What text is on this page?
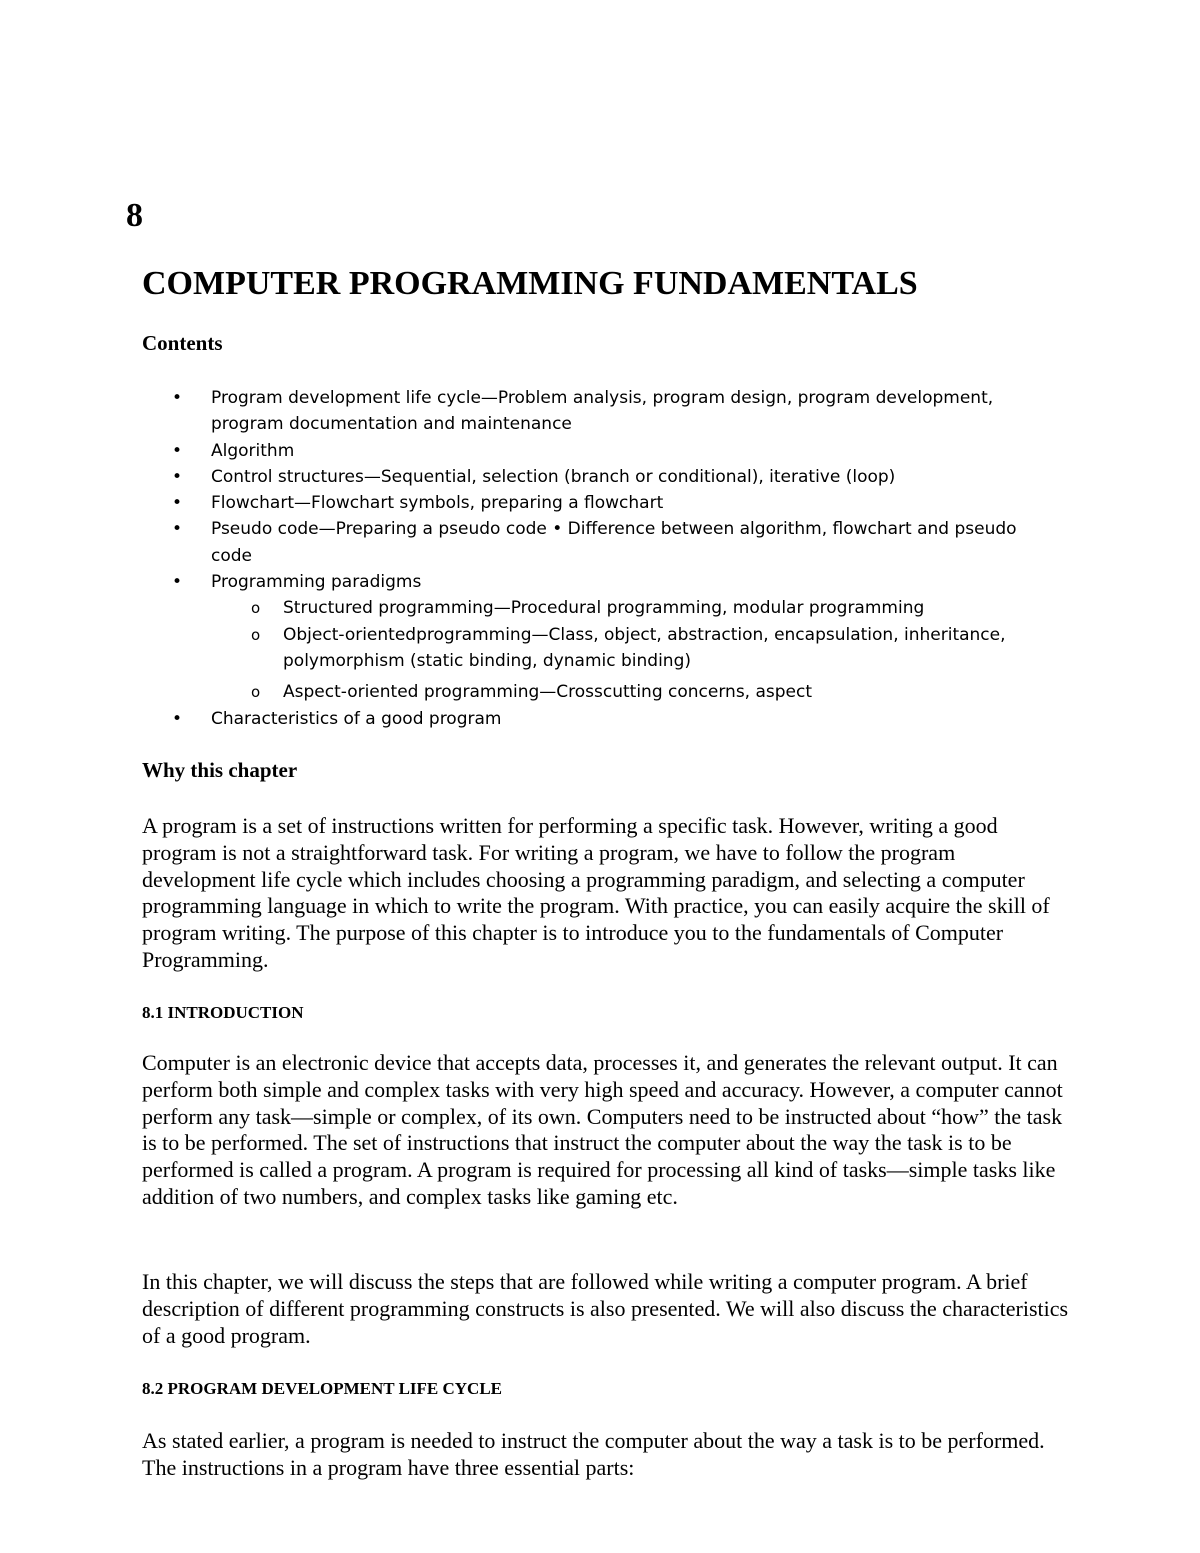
8
COMPUTER PROGRAMMING FUNDAMENTALS
Contents
• Program development life cycle—Problem analysis, program design, program development, program documentation and maintenance
• Algorithm
• Control structures—Sequential, selection (branch or conditional), iterative (loop)
• Flowchart—Flowchart symbols, preparing a flowchart
• Pseudo code—Preparing a pseudo code • Difference between algorithm, flowchart and pseudo code
• Programming paradigms
o Structured programming—Procedural programming, modular programming
o Object-orientedprogramming—Class, object, abstraction, encapsulation, inheritance, polymorphism (static binding, dynamic binding)
o Aspect-oriented programming—Crosscutting concerns, aspect
• Characteristics of a good program
Why this chapter
A program is a set of instructions written for performing a specific task. However, writing a good program is not a straightforward task. For writing a program, we have to follow the program development life cycle which includes choosing a programming paradigm, and selecting a computer programming language in which to write the program. With practice, you can easily acquire the skill of program writing. The purpose of this chapter is to introduce you to the fundamentals of Computer Programming.
8.1 INTRODUCTION
Computer is an electronic device that accepts data, processes it, and generates the relevant output. It can perform both simple and complex tasks with very high speed and accuracy. However, a computer cannot perform any task—simple or complex, of its own. Computers need to be instructed about “how” the task is to be performed. The set of instructions that instruct the computer about the way the task is to be performed is called a program. A program is required for processing all kind of tasks—simple tasks like addition of two numbers, and complex tasks like gaming etc.
In this chapter, we will discuss the steps that are followed while writing a computer program. A brief description of different programming constructs is also presented. We will also discuss the characteristics of a good program.
8.2 PROGRAM DEVELOPMENT LIFE CYCLE
As stated earlier, a program is needed to instruct the computer about the way a task is to be performed. The instructions in a program have three essential parts:
